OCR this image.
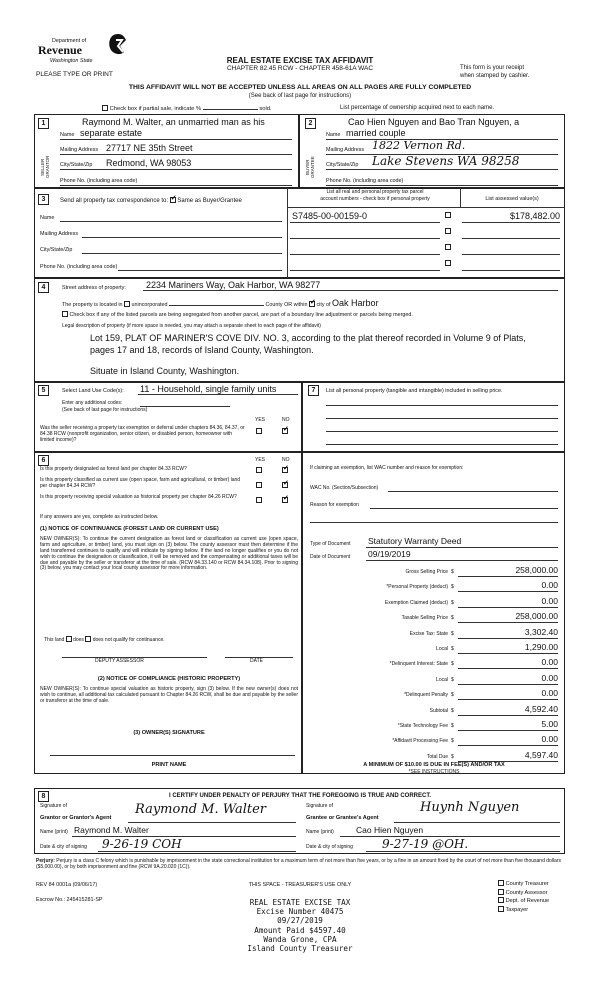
Department of
Revenue
Washington State
PLEASE TYPE OR PRINT
REAL ESTATE EXCISE TAX AFFIDAVIT
CHAPTER 82.45 RCW - CHAPTER 458-61A WAC	This form is your receipt
when stamped by cashier.
THIS AFFIDAVIT WILL NOT BE ACCEPTED UNLESS ALL AREAS ON ALL PAGES ARE FULLY COMPLETED
(See back of last page for instructions)
Check box if partial sale, indicate %	sold.	List percentage of ownership acquired next to each name.
1
SELLER GRANTOR
Raymond M. Walter, an unmarried man as his
Name separate estate
Mailing Address 27717 NE 35th Street
City/State/Zip Redmond, WA 98053
Phone No. (including area code)
2
BUYER GRANTEE
Cao Hien Nguyen and Bao Tran Nguyen, a
Name married couple
Mailing Address 1822 Vernon Rd.
City/State/Zip Lake Stevens WA 98258
Phone No. (including area code)
3	Send all property tax correspondence to: ✓ Same as Buyer/Grantee
Name
Mailing Address
City/State/Zip
Phone No. (including area code)
List all real and personal property tax parcel
account numbers - check box if personal property	List assessed value(s)
S7485-00-00159-0	$178,482.00
4	Street address of property: 2234 Mariners Way, Oak Harbor, WA 98277
The property is located in unincorporated	County OR within ✓ city of Oak Harbor
Check box if any of the listed parcels are being segregated from another parcel, are part of a boundary line adjustment or parcels being merged.
Legal description of property (if more space is needed, you may attach a separate sheet to each page of the affidavit)
Lot 159, PLAT OF MARINER'S COVE DIV. NO. 3, according to the plat thereof recorded in Volume 9 of Plats,
pages 17 and 18, records of Island County, Washington.
Situate in Island County, Washington.
5	Select Land Use Code(s): 11 - Household, single family units
Enter any additional codes:
(See back of last page for instructions)
YES	NO
Was the seller receiving a property tax exemption or deferral under chapters 84.36, 84.37, or 84.38 RCW (nonprofit organization, senior citizen, or disabled person, homeowner with limited income)?
✓
7	List all personal property (tangible and intangible) included in selling price.
6	YES	NO
Is this property designated as forest land per chapter 84.33 RCW?
✓
Is this property classified as current use (open space, farm and agricultural, or timber) land per chapter 84.34 RCW?
✓
Is this property receiving special valuation as historical property per chapter 84.26 RCW?
✓
If any answers are yes, complete as instructed below.
(1) NOTICE OF CONTINUANCE (FOREST LAND OR CURRENT USE)
NEW OWNER(S): To continue the current designation as forest land or classification as current use (open space, farm and agriculture, or timber) land, you must sign on (3) below. The county assessor must then determine if the land transferred continues to qualify and will indicate by signing below. If the land no longer qualifies or you do not wish to continue the designation or classification, it will be removed and the compensating or additional taxes will be due and payable by the seller or transferor at the time of sale. (RCW 84.33.140 or RCW 84.34.108). Prior to signing (3) below, you may contact your local county assessor for more information.
This land does does not qualify for continuance.
DEPUTY ASSESSOR	DATE
(2) NOTICE OF COMPLIANCE (HISTORIC PROPERTY)
NEW OWNER(S): To continue special valuation as historic property, sign (3) below. If the new owner(s) does not wish to continue, all additional tax calculated pursuant to Chapter 84.26 RCW, shall be due and payable by the seller or transferor at the time of sale.
(3) OWNER(S) SIGNATURE
PRINT NAME
If claiming an exemption, list WAC number and reason for exemption:
WAC No. (Section/Subsection)
Reason for exemption
Type of Document Statutory Warranty Deed
Date of Document 09/19/2019
Gross Selling Price $	258,000.00
*Personal Property (deduct) $	0.00
Exemption Claimed (deduct) $	0.00
Taxable Selling Price $	258,000.00
Excise Tax: State $	3,302.40
Local $	1,290.00
*Delinquent Interest: State $	0.00
Local $	0.00
*Delinquent Penalty $	0.00
Subtotal $	4,592.40
*State Technology Fee $	5.00
*Affidavit Processing Fee $	0.00
Total Due $	4,597.40
A MINIMUM OF $10.00 IS DUE IN FEE(S) AND/OR TAX
*SEE INSTRUCTIONS
8	I CERTIFY UNDER PENALTY OF PERJURY THAT THE FOREGOING IS TRUE AND CORRECT.
Signature of
Grantor or Grantor's Agent
Raymond M. Walter
Name (print) Raymond M. Walter
Date & city of signing 9-26-19 COH
Signature of
Grantee or Grantee's Agent
Huynh Nguyen
Name (print)	Cao Hien Nguyen
Date & city of signing 9-27-19 @OH.
Perjury: Perjury is a class C felony which is punishable by imprisonment in the state correctional institution for a maximum term of not more than five years, or by a fine in an amount fixed by the court of not more than five thousand dollars ($5,000.00), or by both imprisonment and fine (RCW 9A.20.020 (1C)).
REV 84 0001a (09/06/17)	THIS SPACE - TREASURER'S USE ONLY
Escrow No.: 245415281-SP
County Treasurer
County Assessor
Dept. of Revenue
Taxpayer
REAL ESTATE EXCISE TAX
Excise Number 40475
09/27/2019
Amount Paid $4597.40
Wanda Grone, CPA
Island County Treasurer
